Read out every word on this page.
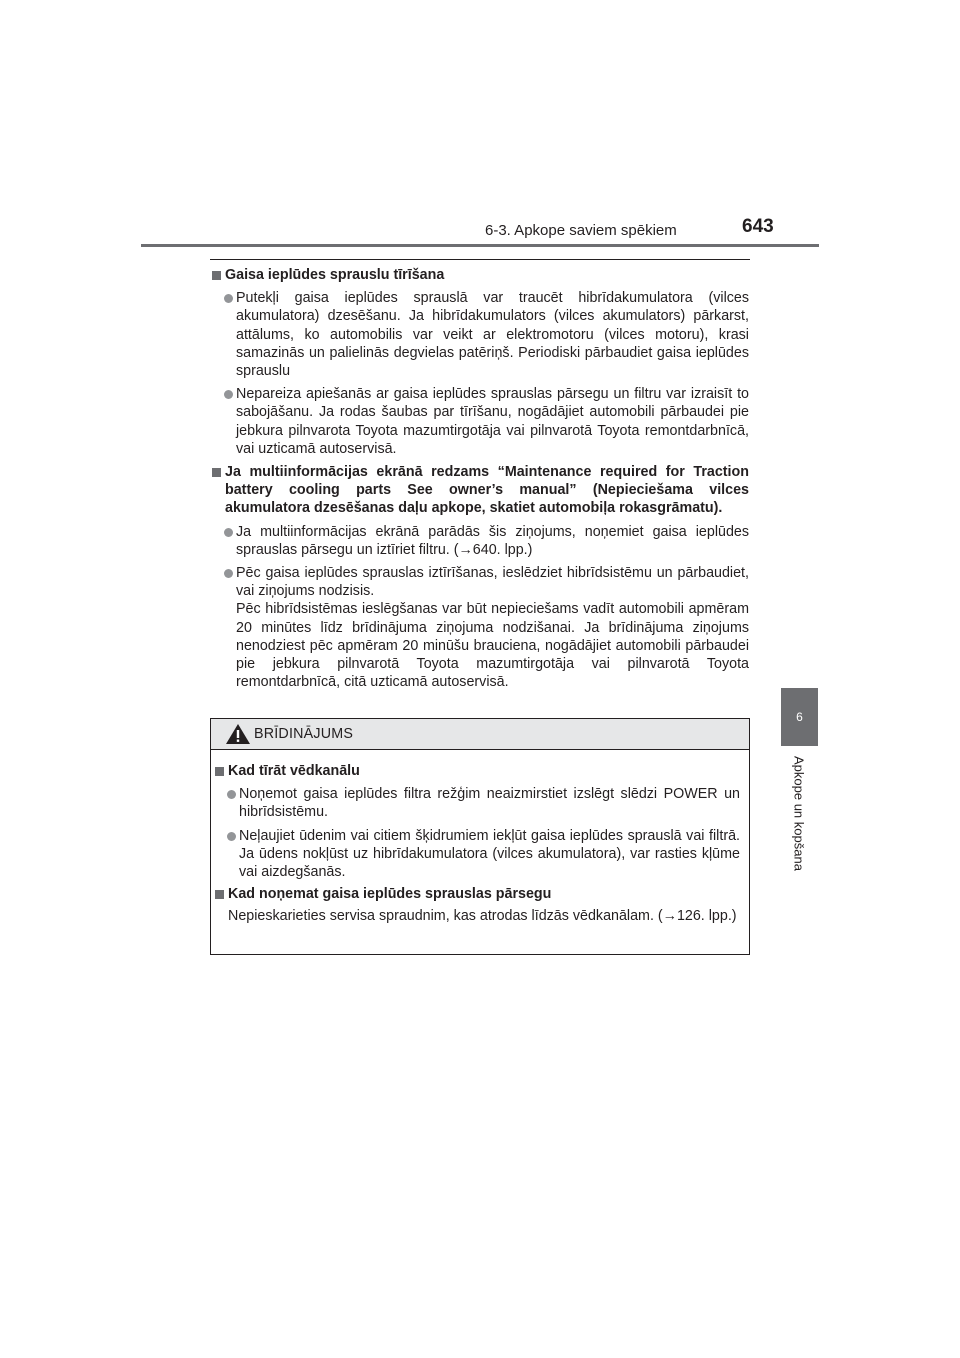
6-3. Apkope saviem spēkiem	643
6
Apkope un kopšana
Gaisa ieplūdes sprauslu tīrīšana
Putekļi gaisa ieplūdes sprauslā var traucēt hibrīdakumulatora (vilces akumulatora) dzesēšanu. Ja hibrīdakumulators (vilces akumulators) pārkarst, attālums, ko automobilis var veikt ar elektromotoru (vilces motoru), krasi samazinās un palielinās degvielas patēriņš. Periodiski pārbaudiet gaisa ieplūdes sprauslu
Nepareiza apiešanās ar gaisa ieplūdes sprauslas pārsegu un filtru var izraisīt to sabojāšanu. Ja rodas šaubas par tīrīšanu, nogādājiet automobili pārbaudei pie jebkura pilnvarota Toyota mazumtirgotāja vai pilnvarotā Toyota remontdarbnīcā, vai uzticamā autoservisā.
Ja multiinformācijas ekrānā redzams “Maintenance required for Traction battery cooling parts See owner’s manual” (Nepieciešama vilces akumulatora dzesēšanas daļu apkope, skatiet automobiļa rokasgrāmatu).
Ja multiinformācijas ekrānā parādās šis ziņojums, noņemiet gaisa ieplūdes sprauslas pārsegu un iztīriet filtru. (→640. lpp.)
Pēc gaisa ieplūdes sprauslas iztīrīšanas, ieslēdziet hibrīdsistēmu un pārbaudiet, vai ziņojums nodzisis.
Pēc hibrīdsistēmas ieslēgšanas var būt nepieciešams vadīt automobili apmēram 20 minūtes līdz brīdinājuma ziņojuma nodzišanai. Ja brīdinājuma ziņojums nenodziest pēc apmēram 20 minūšu brauciena, nogādājiet automobili pārbaudei pie jebkura pilnvarotā Toyota mazumtirgotāja vai pilnvarotā Toyota remontdarbnīcā, citā uzticamā autoservisā.
BRĪDINĀJUMS
Kad tīrāt vēdkanālu
Noņemot gaisa ieplūdes filtra režģim neaizmirstiet izslēgt slēdzi POWER un hibrīdsistēmu.
Neļaujiet ūdenim vai citiem šķidrumiem iekļūt gaisa ieplūdes sprauslā vai filtrā. Ja ūdens nokļūst uz hibrīdakumulatora (vilces akumulatora), var rasties kļūme vai aizdegšanās.
Kad noņemat gaisa ieplūdes sprauslas pārsegu
Nepieskarieties servisa spraudnim, kas atrodas līdzās vēdkanālam. (→126. lpp.)
